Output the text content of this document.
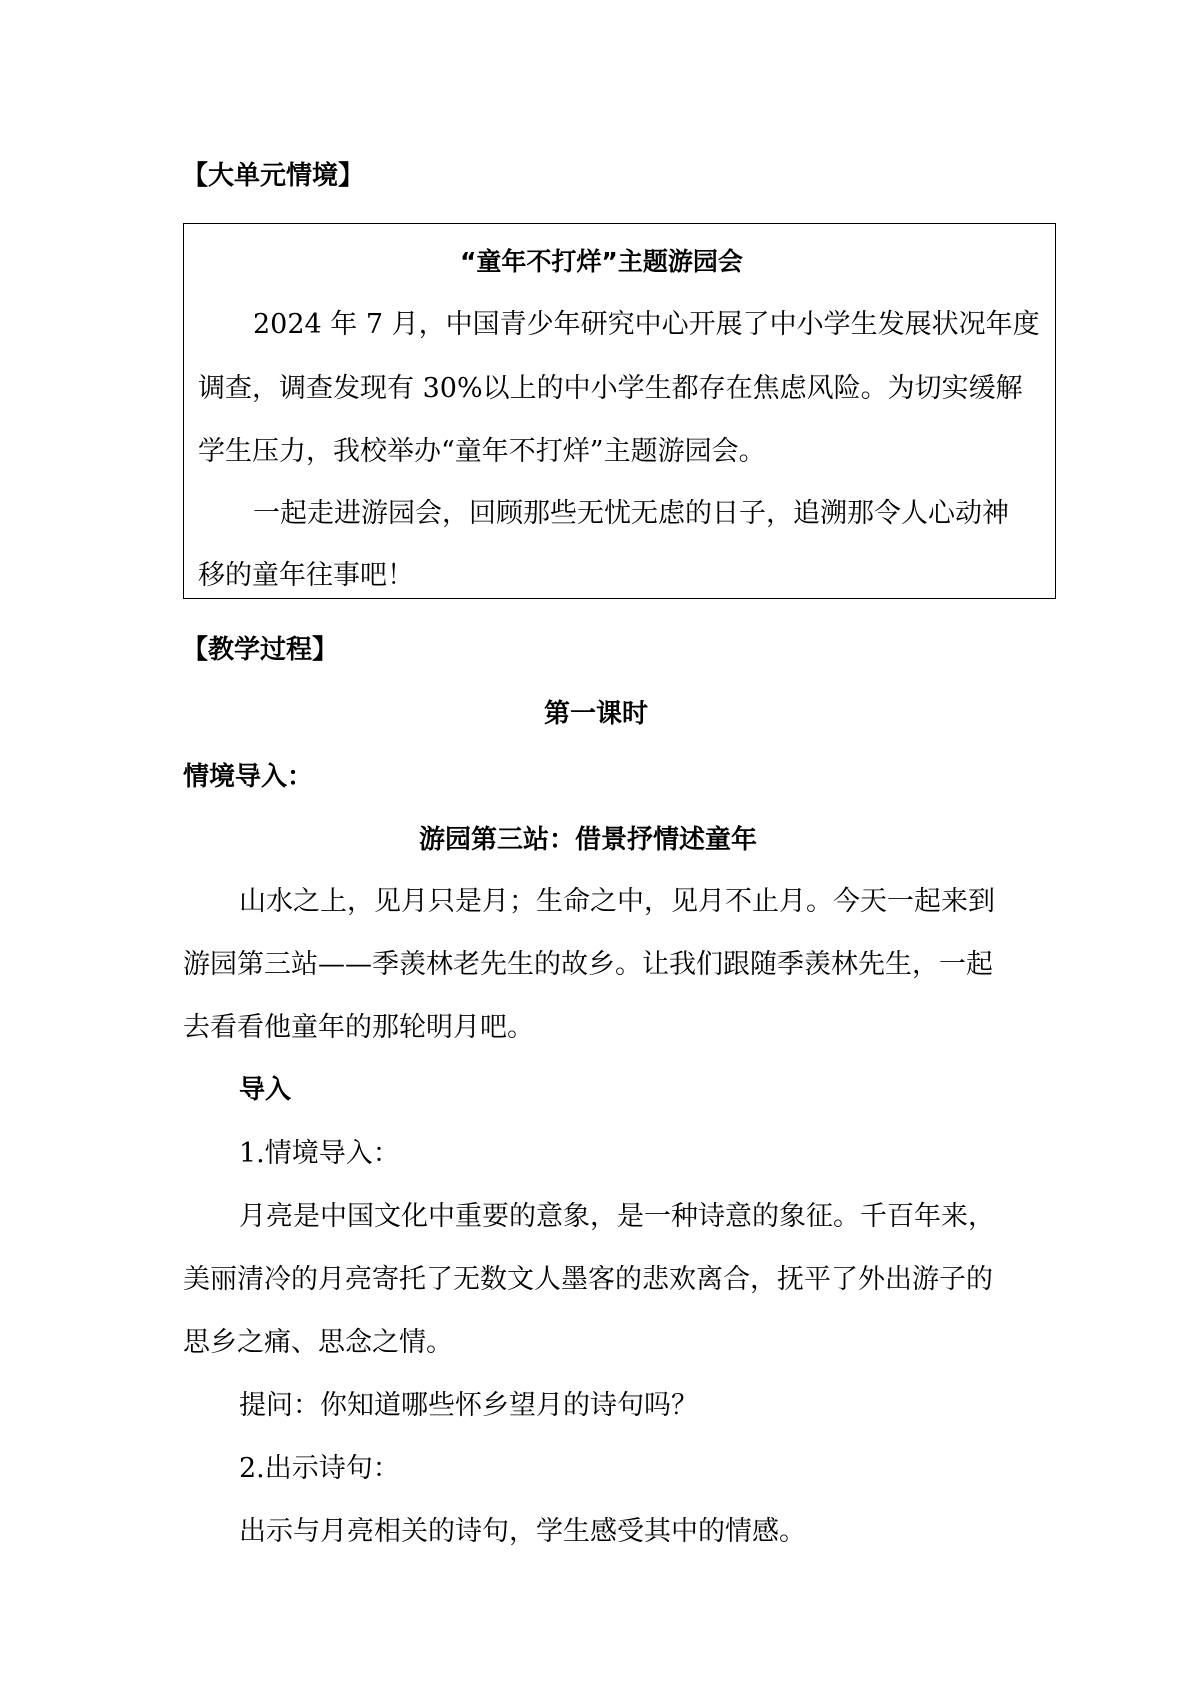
【大单元情境】
“童年不打烊”主题游园会

2024 年 7 月，中国青少年研究中心开展了中小学生发展状况年度

调查，调查发现有 30%以上的中小学生都存在焦虑风险。为切实缓解

学生压力，我校举办“童年不打烊”主题游园会。

一起走进游园会，回顾那些无忧无虑的日子，追溯那令人心动神

移的童年往事吧！

【教学过程】
第一课时
情境导入：
游园第三站：借景抒情述童年

山水之上，见月只是月；生命之中，见月不止月。今天一起来到

游园第三站——季羡林老先生的故乡。让我们跟随季羡林先生，一起

去看看他童年的那轮明月吧。

导入

1.情境导入：

月亮是中国文化中重要的意象，是一种诗意的象征。千百年来，

美丽清冷的月亮寄托了无数文人墨客的悲欢离合，抚平了外出游子的

思乡之痛、思念之情。

提问：你知道哪些怀乡望月的诗句吗？

2.出示诗句：

出示与月亮相关的诗句，学生感受其中的情感。
